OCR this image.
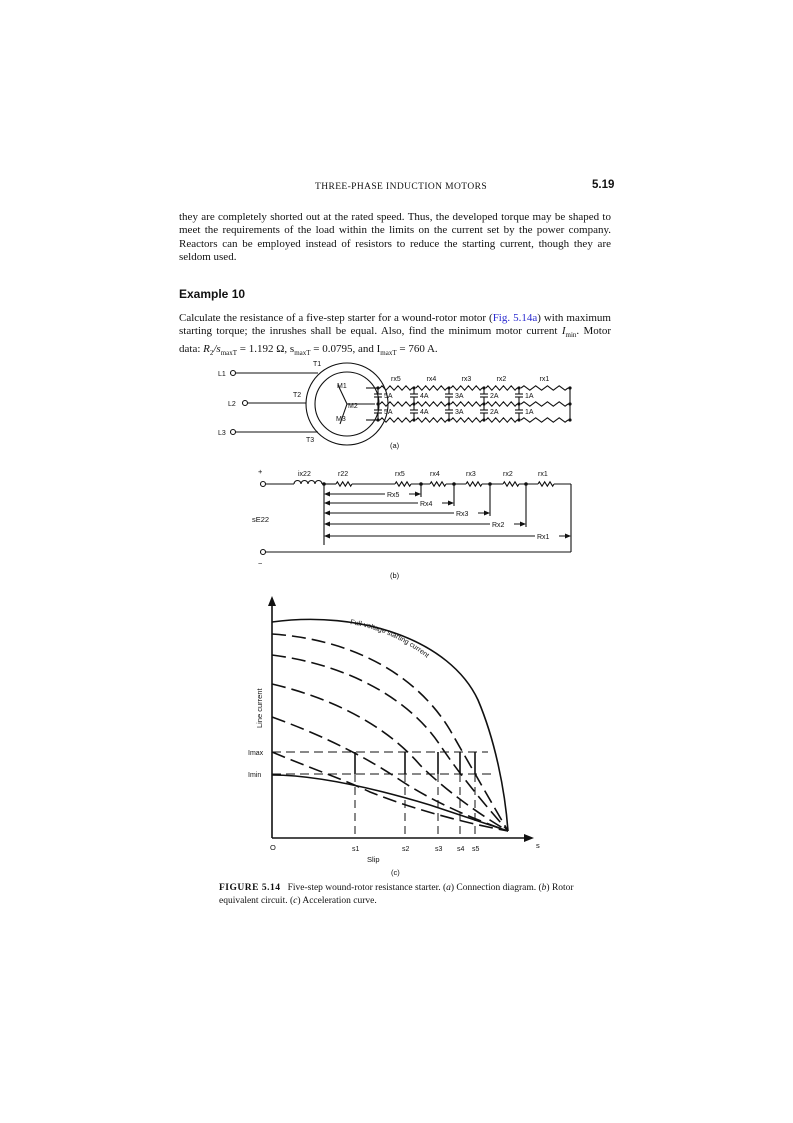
THREE-PHASE INDUCTION MOTORS	5.19

they are completely shorted out at the rated speed. Thus, the developed torque may be shaped to meet the requirements of the load within the limits on the current set by the power company. Reactors can be employed instead of resistors to reduce the starting current, though they are seldom used.

Example 10

Calculate the resistance of a five-step starter for a wound-rotor motor (Fig. 5.14a) with maximum starting torque; the inrushes shall be equal. Also, find the minimum motor current $I_{min}$. Motor data: $R_2/s_{maxT} = 1.192$ Ω, $s_{maxT} = 0.0795$, and $I_{maxT} = 760$ A.

L1
L2
L3
T1
T2
T3
M1
M2
M3
5A
5A
rx5
4A
4A
rx4
3A
3A
rx3
2A
2A
rx2
1A
1A
rx1
(a)
+
−
sE22
ix22	r22	rx5	rx4	rx3	rx2	rx1
Rx5
Rx4
Rx3
Rx2
Rx1
(b)
Line current
Slip
O	s
Imax
Imin
Full-voltage starting current
s1	s2	s3 s4 s5
(c)

FIGURE 5.14 Five-step wound-rotor resistance starter. (a) Connection diagram. (b) Rotor equivalent circuit. (c) Acceleration curve.
